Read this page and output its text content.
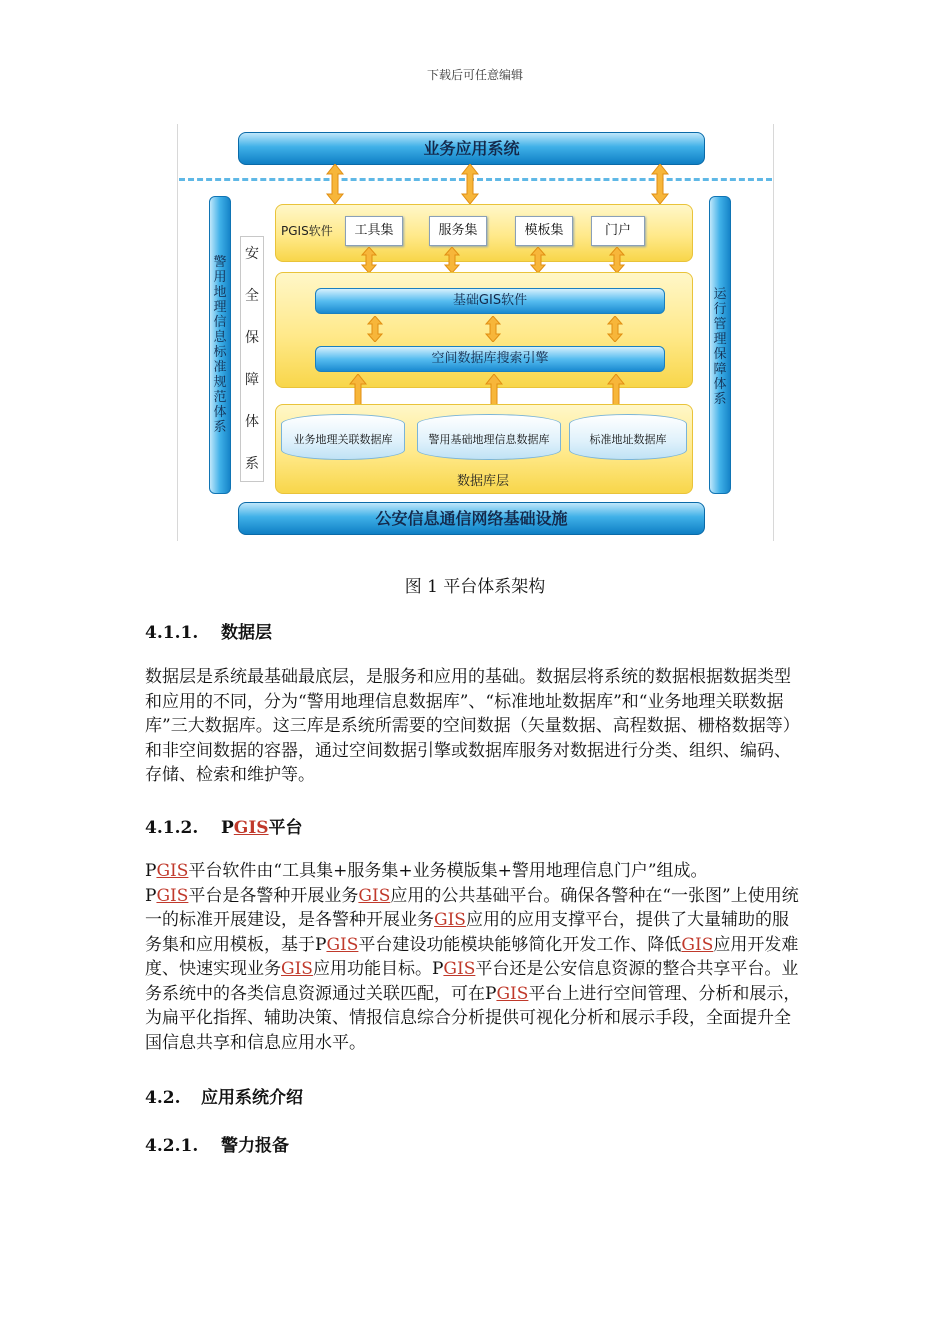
下载后可任意编辑
业务应用系统
警用地理信息标准规范体系
运行管理保障体系
安
全
保
障
体
系
PGIS软件	工具集	服务集	模板集	门户
基础GIS软件
空间数据库搜索引擎
业务地理关联数据库	警用基础地理信息数据库	标准地址数据库
数据库层
公安信息通信网络基础设施
图 1 平台体系架构
4.1.1. 数据层
数据层是系统最基础最底层，是服务和应用的基础。数据层将系统的数据根据数据类型和应用的不同，分为“警用地理信息数据库”、“标准地址数据库”和“业务地理关联数据库”三大数据库。这三库是系统所需要的空间数据（矢量数据、高程数据、栅格数据等）和非空间数据的容器，通过空间数据引擎或数据库服务对数据进行分类、组织、编码、存储、检索和维护等。
4.1.2. PGIS平台
PGIS平台软件由“工具集+服务集+业务模版集+警用地理信息门户”组成。
PGIS平台是各警种开展业务GIS应用的公共基础平台。确保各警种在“一张图”上使用统一的标准开展建设，是各警种开展业务GIS应用的应用支撑平台，提供了大量辅助的服务集和应用模板，基于PGIS平台建设功能模块能够简化开发工作、降低GIS应用开发难度、快速实现业务GIS应用功能目标。PGIS平台还是公安信息资源的整合共享平台。业务系统中的各类信息资源通过关联匹配，可在PGIS平台上进行空间管理、分析和展示，为扁平化指挥、辅助决策、情报信息综合分析提供可视化分析和展示手段，全面提升全国信息共享和信息应用水平。
4.2. 应用系统介绍
4.2.1. 警力报备
